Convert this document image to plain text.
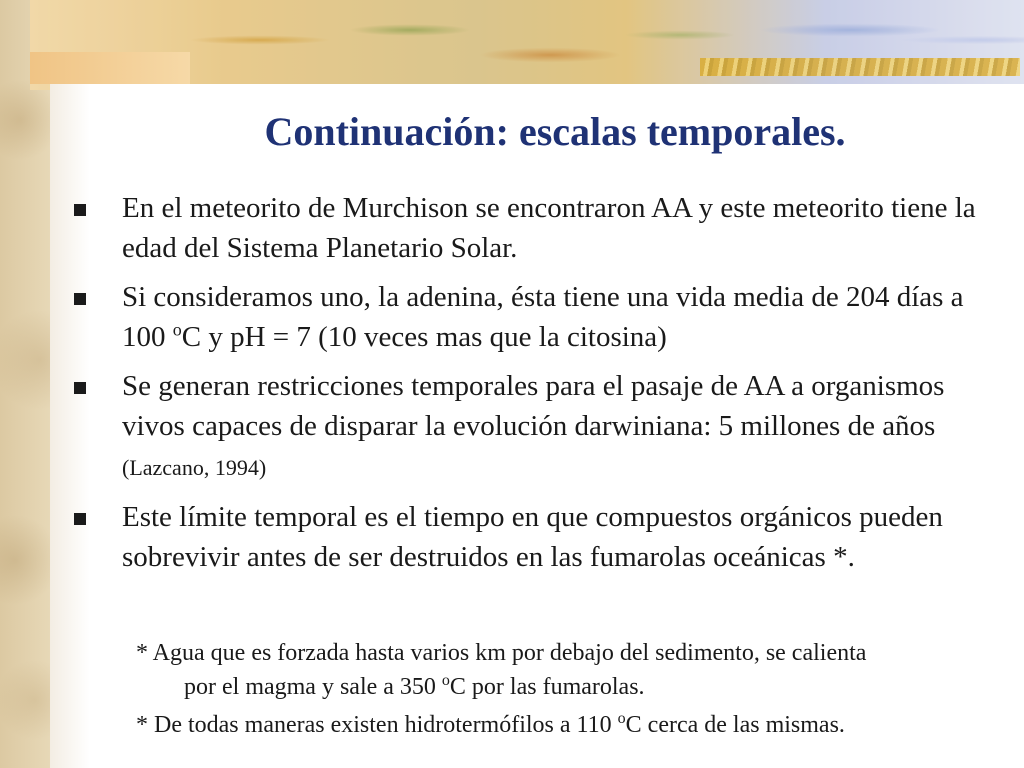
Continuación: escalas temporales.
En el meteorito de Murchison se encontraron AA y este meteorito tiene la edad del Sistema Planetario Solar.
Si consideramos uno, la adenina, ésta tiene una vida media de 204 días a 100 $^o$C y pH = 7 (10 veces mas que la citosina)
Se generan restricciones temporales para el pasaje de AA a organismos vivos capaces de disparar la evolución darwiniana: 5 millones de años (Lazcano, 1994)
Este límite temporal es el tiempo en que compuestos orgánicos pueden sobrevivir antes de ser destruidos en las fumarolas oceánicas *.

* Agua que es forzada hasta varios km por debajo del sedimento, se calienta
por el magma y sale a 350 $^o$C por las fumarolas.

* De todas maneras existen hidrotermófilos a 110 $^o$C cerca de las mismas.
